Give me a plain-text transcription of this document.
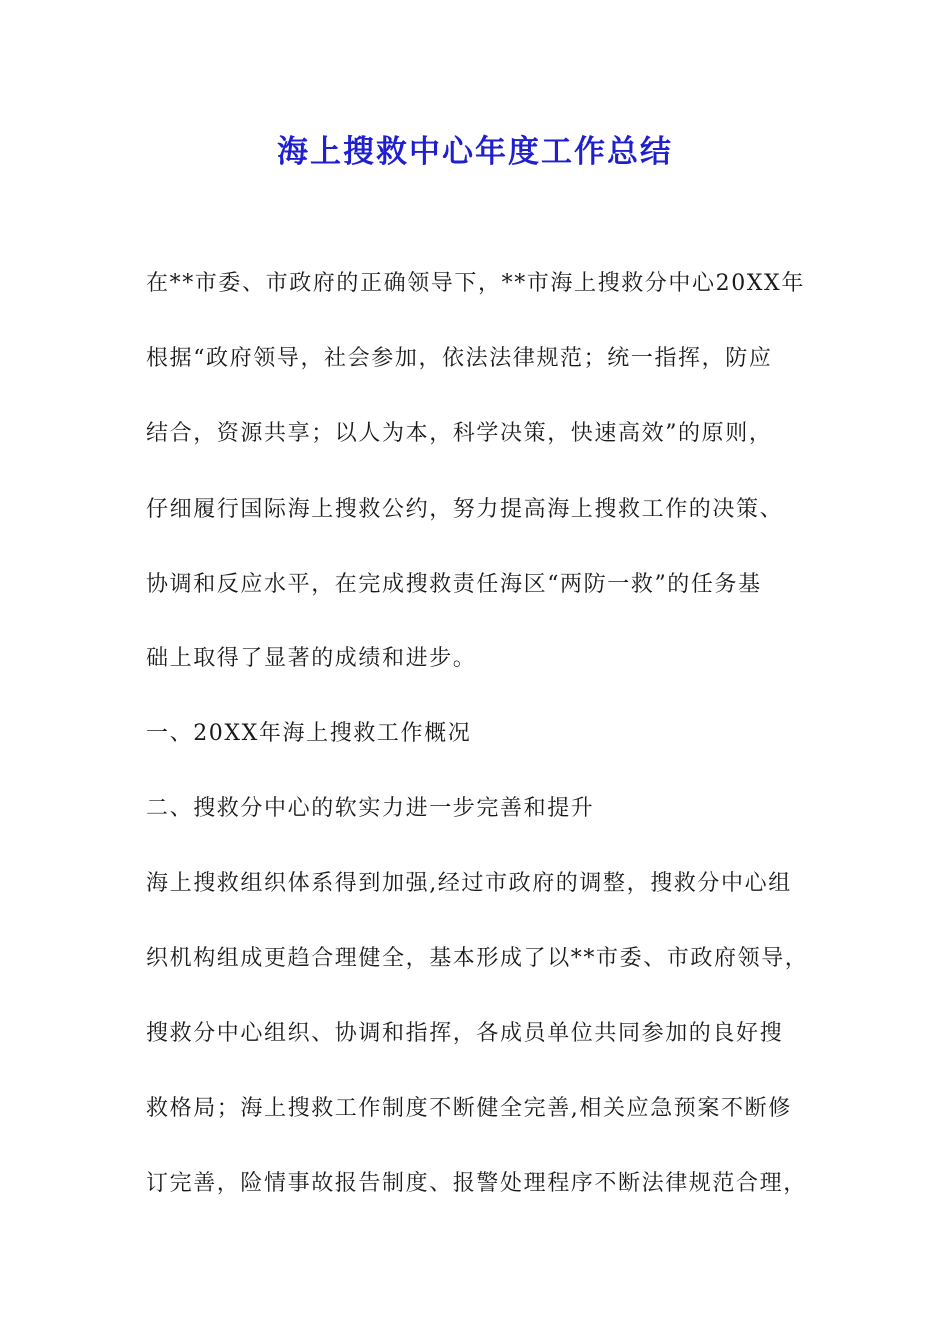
海上搜救中心年度工作总结

在**市委、市政府的正确领导下，**市海上搜救分中心20XX年

根据“政府领导，社会参加，依法法律规范；统一指挥，防应

结合，资源共享；以人为本，科学决策，快速高效”的原则，

仔细履行国际海上搜救公约，努力提高海上搜救工作的决策、

协调和反应水平，在完成搜救责任海区“两防一救”的任务基

础上取得了显著的成绩和进步。

一、20XX年海上搜救工作概况

二、搜救分中心的软实力进一步完善和提升

海上搜救组织体系得到加强,经过市政府的调整，搜救分中心组

织机构组成更趋合理健全，基本形成了以**市委、市政府领导，

搜救分中心组织、协调和指挥，各成员单位共同参加的良好搜

救格局；海上搜救工作制度不断健全完善,相关应急预案不断修

订完善，险情事故报告制度、报警处理程序不断法律规范合理，
